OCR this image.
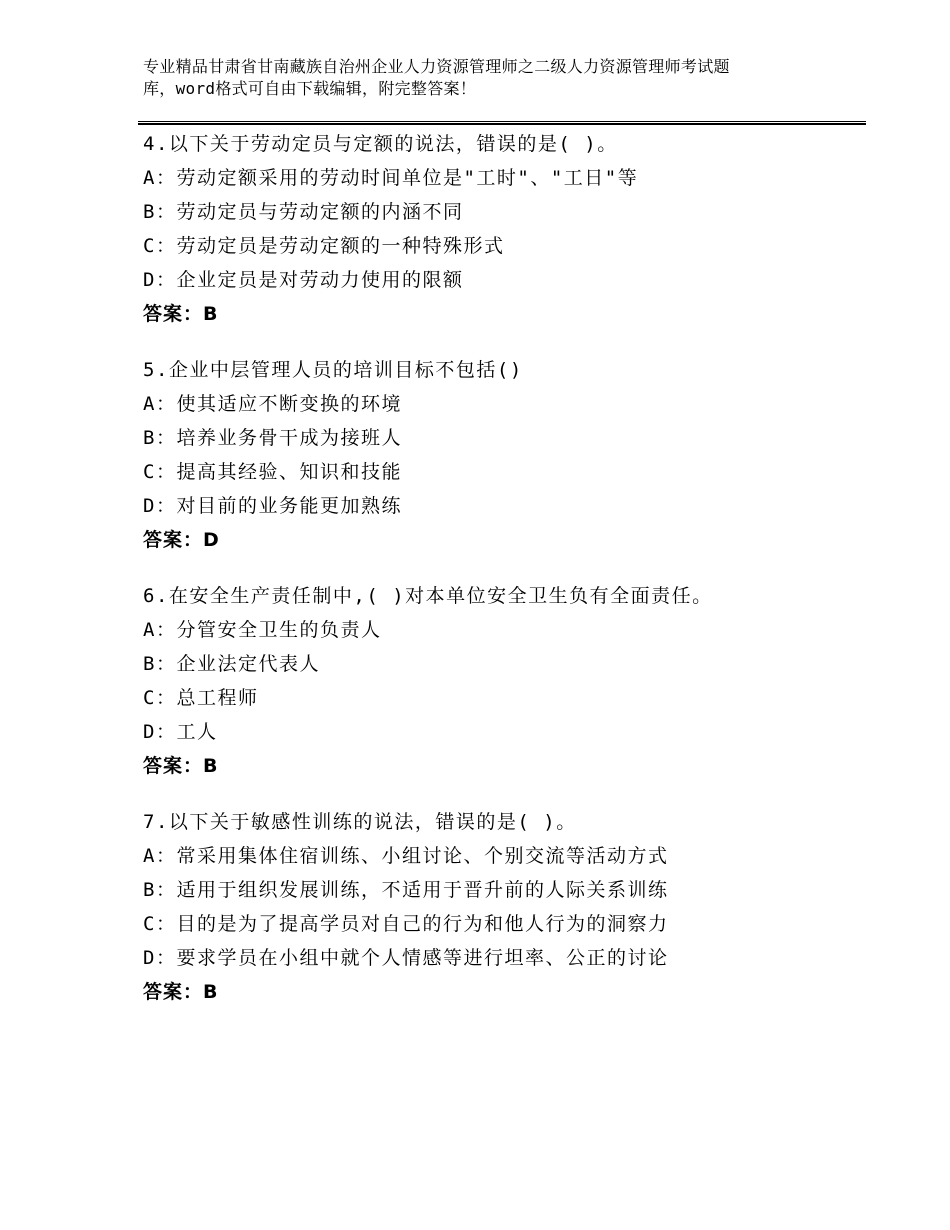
专业精品甘肃省甘南藏族自治州企业人力资源管理师之二级人力资源管理师考试题
库，word格式可自由下载编辑，附完整答案！
4.以下关于劳动定员与定额的说法，错误的是( )。
A：劳动定额采用的劳动时间单位是"工时"、"工日"等
B：劳动定员与劳动定额的内涵不同
C：劳动定员是劳动定额的一种特殊形式
D：企业定员是对劳动力使用的限额
答案：B
5.企业中层管理人员的培训目标不包括()
A：使其适应不断变换的环境
B：培养业务骨干成为接班人
C：提高其经验、知识和技能
D：对目前的业务能更加熟练
答案：D
6.在安全生产责任制中,( )对本单位安全卫生负有全面责任。
A：分管安全卫生的负责人
B：企业法定代表人
C：总工程师
D：工人
答案：B
7.以下关于敏感性训练的说法，错误的是( )。
A：常采用集体住宿训练、小组讨论、个别交流等活动方式
B：适用于组织发展训练，不适用于晋升前的人际关系训练
C：目的是为了提高学员对自己的行为和他人行为的洞察力
D：要求学员在小组中就个人情感等进行坦率、公正的讨论
答案：B
